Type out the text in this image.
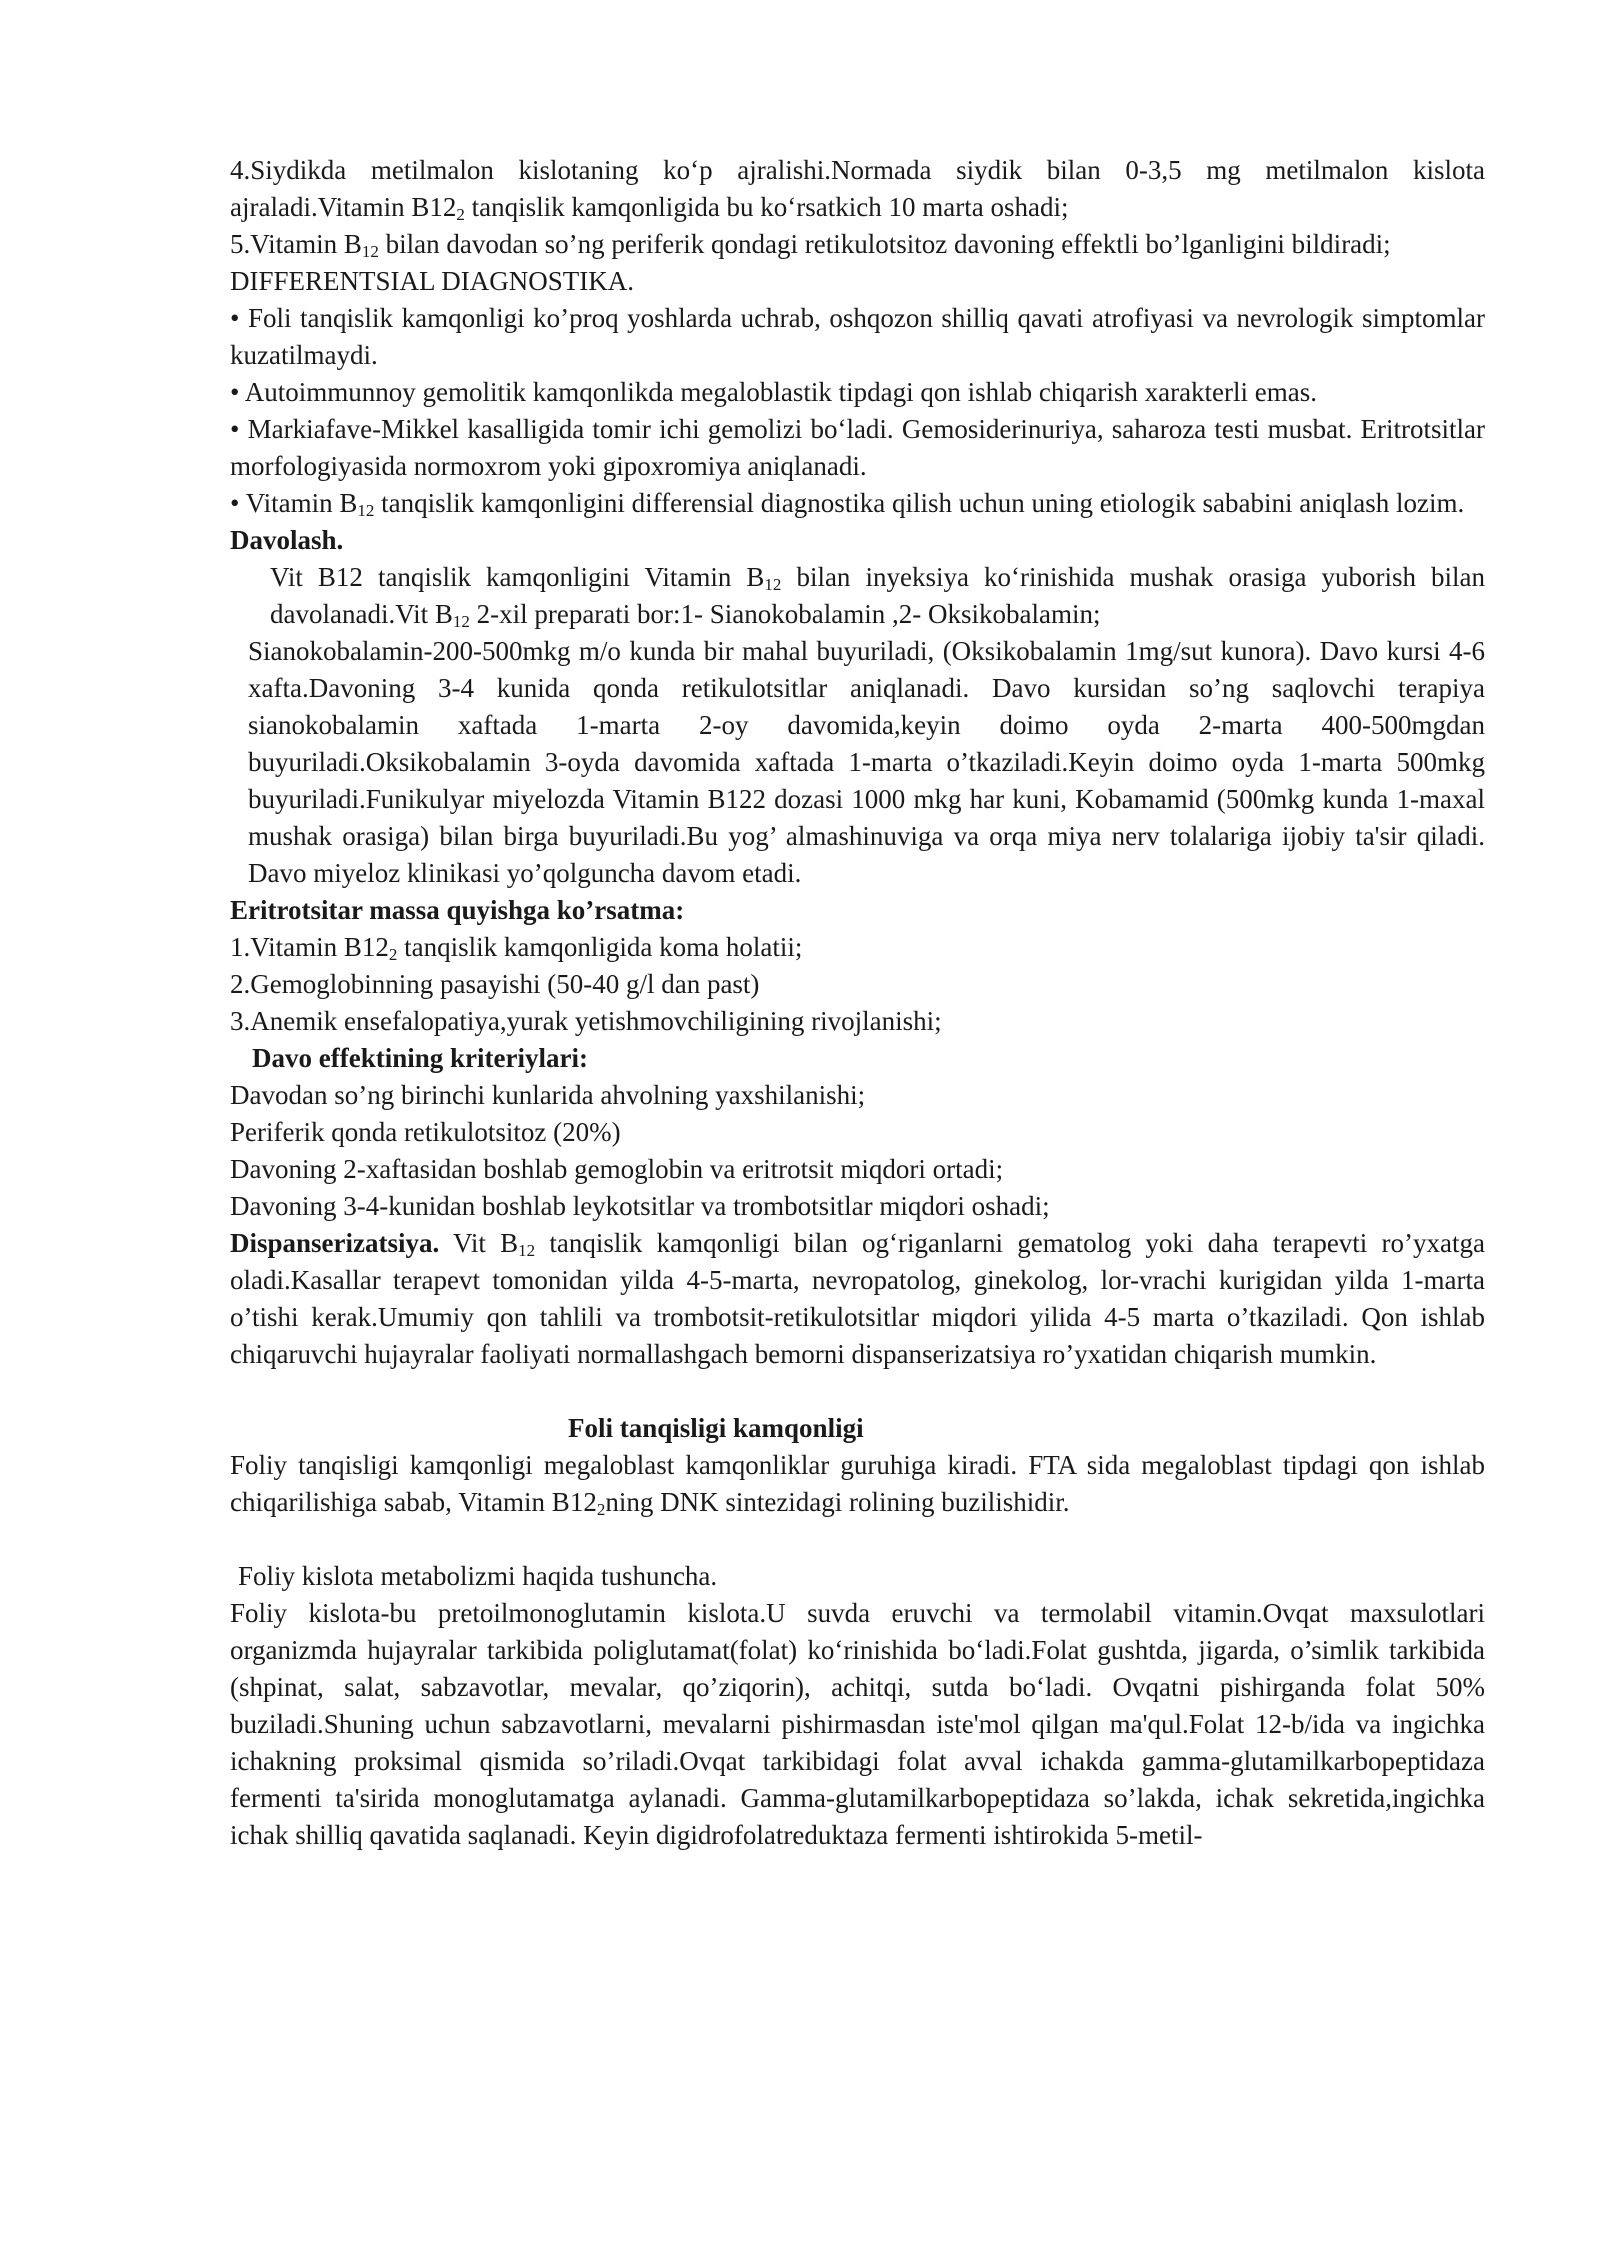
4.Siydikda metilmalon kislotaning ko‘p ajralishi.Normada siydik bilan 0-3,5 mg metilmalon kislota ajraladi.Vitamin $B12_2$ tanqislik kamqonligida bu ko‘rsatkich 10 marta oshadi;

5.Vitamin $B_{12}$ bilan davodan so’ng periferik qondagi retikulotsitoz davoning effektli bo’lganligini bildiradi;

DIFFERENTSIAL DIAGNOSTIKA.

• Foli tanqislik kamqonligi ko’proq yoshlarda uchrab, oshqozon shilliq qavati atrofiyasi va nevrologik simptomlar kuzatilmaydi.

• Autoimmunnoy gemolitik kamqonlikda megaloblastik tipdagi qon ishlab chiqarish xarakterli emas.

• Markiafave-Mikkel kasalligida tomir ichi gemolizi bo‘ladi. Gemosiderinuriya, saharoza testi musbat. Eritrotsitlar morfologiyasida normoxrom yoki gipoxromiya aniqlanadi.

• Vitamin $B_{12}$ tanqislik kamqonligini differensial diagnostika qilish uchun uning etiologik sababini aniqlash lozim.

Davolash.

Vit B12 tanqislik kamqonligini Vitamin $B_{12}$ bilan inyeksiya ko‘rinishida mushak orasiga yuborish bilan davolanadi.Vit $B_{12}$ 2-xil preparati bor:1- Sianokobalamin ,2- Oksikobalamin;

Sianokobalamin-200-500mkg m/o kunda bir mahal buyuriladi, (Oksikobalamin 1mg/sut kunora). Davo kursi 4-6 xafta.Davoning 3-4 kunida qonda retikulotsitlar aniqlanadi. Davo kursidan so’ng saqlovchi terapiya sianokobalamin xaftada 1-marta 2-oy davomida,keyin doimo oyda 2-marta 400-500mgdan buyuriladi.Oksikobalamin 3-oyda davomida xaftada 1-marta o’tkaziladi.Keyin doimo oyda 1-marta 500mkg buyuriladi.Funikulyar miyelozda Vitamin B122 dozasi 1000 mkg har kuni, Kobamamid (500mkg kunda 1-maxal mushak orasiga) bilan birga buyuriladi.Bu yog’ almashinuviga va orqa miya nerv tolalariga ijobiy ta'sir qiladi. Davo miyeloz klinikasi yo’qolguncha davom etadi.

Eritrotsitar massa quyishga ko’rsatma:

1.Vitamin $B12_2$ tanqislik kamqonligida koma holatii;

2.Gemoglobinning pasayishi (50-40 g/l dan past)

3.Anemik ensefalopatiya,yurak yetishmovchiligining rivojlanishi;

Davo effektining kriteriylari:

Davodan so’ng birinchi kunlarida ahvolning yaxshilanishi;

Periferik qonda retikulotsitoz (20%)

Davoning 2-xaftasidan boshlab gemoglobin va eritrotsit miqdori ortadi;

Davoning 3-4-kunidan boshlab leykotsitlar va trombotsitlar miqdori oshadi;

Dispanserizatsiya. Vit $B_{12}$ tanqislik kamqonligi bilan og‘riganlarni gematolog yoki daha terapevti ro’yxatga oladi.Kasallar terapevt tomonidan yilda 4-5-marta, nevropatolog, ginekolog, lor-vrachi kurigidan yilda 1-marta o’tishi kerak.Umumiy qon tahlili va trombotsit-retikulotsitlar miqdori yilida 4-5 marta o’tkaziladi. Qon ishlab chiqaruvchi hujayralar faoliyati normallashgach bemorni dispanserizatsiya ro’yxatidan chiqarish mumkin.

Foli tanqisligi kamqonligi

Foliy tanqisligi kamqonligi megaloblast kamqonliklar guruhiga kiradi. FTA sida megaloblast tipdagi qon ishlab chiqarilishiga sabab, Vitamin $B12_2ning$ DNK sintezidagi rolining buzilishidir.

Foliy kislota metabolizmi haqida tushuncha.

Foliy kislota-bu pretoilmonoglutamin kislota.U suvda eruvchi va termolabil vitamin.Ovqat maxsulotlari organizmda hujayralar tarkibida poliglutamat(folat) ko‘rinishida bo‘ladi.Folat gushtda, jigarda, o’simlik tarkibida (shpinat, salat, sabzavotlar, mevalar, qo’ziqorin), achitqi, sutda bo‘ladi. Ovqatni pishirganda folat 50% buziladi.Shuning uchun sabzavotlarni, mevalarni pishirmasdan iste'mol qilgan ma'qul.Folat 12-b/ida va ingichka ichakning proksimal qismida so’riladi.Ovqat tarkibidagi folat avval ichakda gamma-glutamilkarbopeptidaza fermenti ta'sirida monoglutamatga aylanadi. Gamma-glutamilkarbopeptidaza so’lakda, ichak sekretida,ingichka ichak shilliq qavatida saqlanadi. Keyin digidrofolatreduktaza fermenti ishtirokida 5-metil-
